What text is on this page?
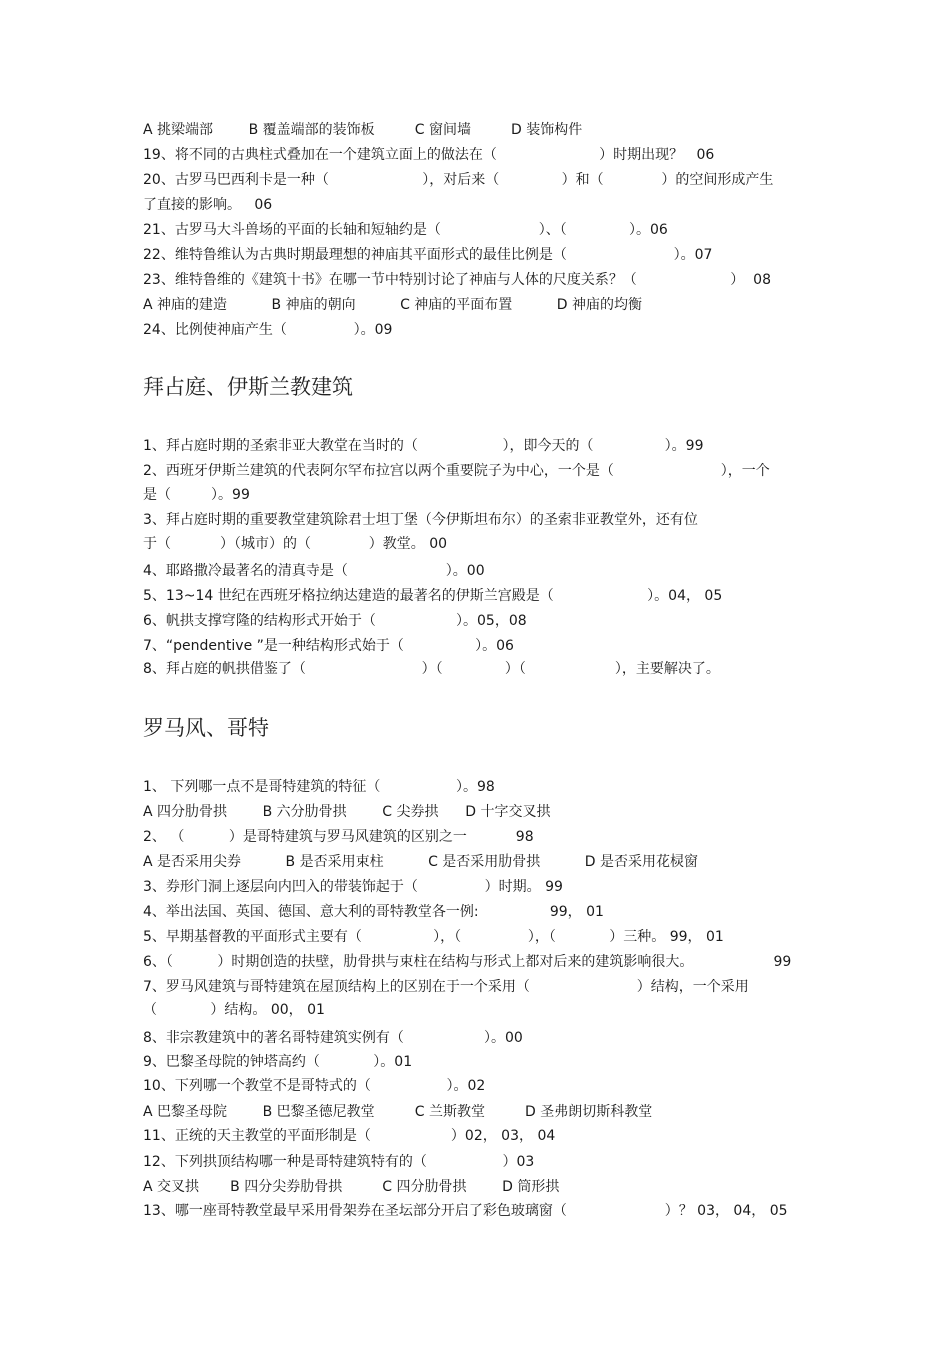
A 挑梁端部        B 覆盖端部的装饰板         C 窗间墙         D 装饰构件
19、将不同的古典柱式叠加在一个建筑立面上的做法在（                       ）时期出现？   06
20、古罗马巴西利卡是一种（                     ），对后来（              ）和（             ）的空间形成产生
了直接的影响。   06
21、古罗马大斗兽场的平面的长轴和短轴约是（                      ）、（              ）。06
22、维特鲁维认为古典时期最理想的神庙其平面形式的最佳比例是（                        ）。07
23、维特鲁维的《建筑十书》在哪一节中特别讨论了神庙与人体的尺度关系？（                     ）  08
A 神庙的建造          B 神庙的朝向          C 神庙的平面布置          D 神庙的均衡
24、比例使神庙产生（               ）。09
拜占庭、伊斯兰教建筑
1、拜占庭时期的圣索非亚大教堂在当时的（                   ），即今天的（                ）。99
2、西班牙伊斯兰建筑的代表阿尔罕布拉宫以两个重要院子为中心，一个是（                        ），一个
是（         ）。99
3、拜占庭时期的重要教堂建筑除君士坦丁堡（今伊斯坦布尔）的圣索非亚教堂外，还有位
于（           ）（城市）的（             ）教堂。 00
4、耶路撒冷最著名的清真寺是（                      ）。00
5、13~14 世纪在西班牙格拉纳达建造的最著名的伊斯兰宫殿是（                     ）。04， 05
6、帆拱支撑穹隆的结构形式开始于（                  ）。05，08
7、“pendentive ”是一种结构形式始于（                ）。06
8、拜占庭的帆拱借鉴了（                          ）（              ）（                    ），主要解决了。
罗马风、哥特
1、 下列哪一点不是哥特建筑的特征（                 ）。98
A 四分肋骨拱        B 六分肋骨拱        C 尖券拱      D 十字交叉拱
2、 （          ）是哥特建筑与罗马风建筑的区别之一           98
A 是否采用尖券          B 是否采用束柱          C 是否采用肋骨拱          D 是否采用花棂窗
3、券形门洞上逐层向内凹入的带装饰起于（               ）时期。 99
4、举出法国、英国、德国、意大利的哥特教堂各一例:                99， 01
5、早期基督教的平面形式主要有（                ），（               ），（            ）三种。 99， 01
6、（          ）时期创造的扶壁，肋骨拱与束柱在结构与形式上都对后来的建筑影响很大。                  99
7、罗马风建筑与哥特建筑在屋顶结构上的区别在于一个采用（                        ）结构，一个采用
（            ）结构。 00， 01
8、非宗教建筑中的著名哥特建筑实例有（                  ）。00
9、巴黎圣母院的钟塔高约（            ）。01
10、下列哪一个教堂不是哥特式的（                 ）。02
A 巴黎圣母院        B 巴黎圣德尼教堂         C 兰斯教堂         D 圣弗朗切斯科教堂
11、正统的天主教堂的平面形制是（                  ）02， 03， 04
12、下列拱顶结构哪一种是哥特建筑特有的（                 ）03
A 交叉拱       B 四分尖券肋骨拱         C 四分肋骨拱        D 筒形拱
13、哪一座哥特教堂最早采用骨架券在圣坛部分开启了彩色玻璃窗（                      ）？ 03， 04， 05
